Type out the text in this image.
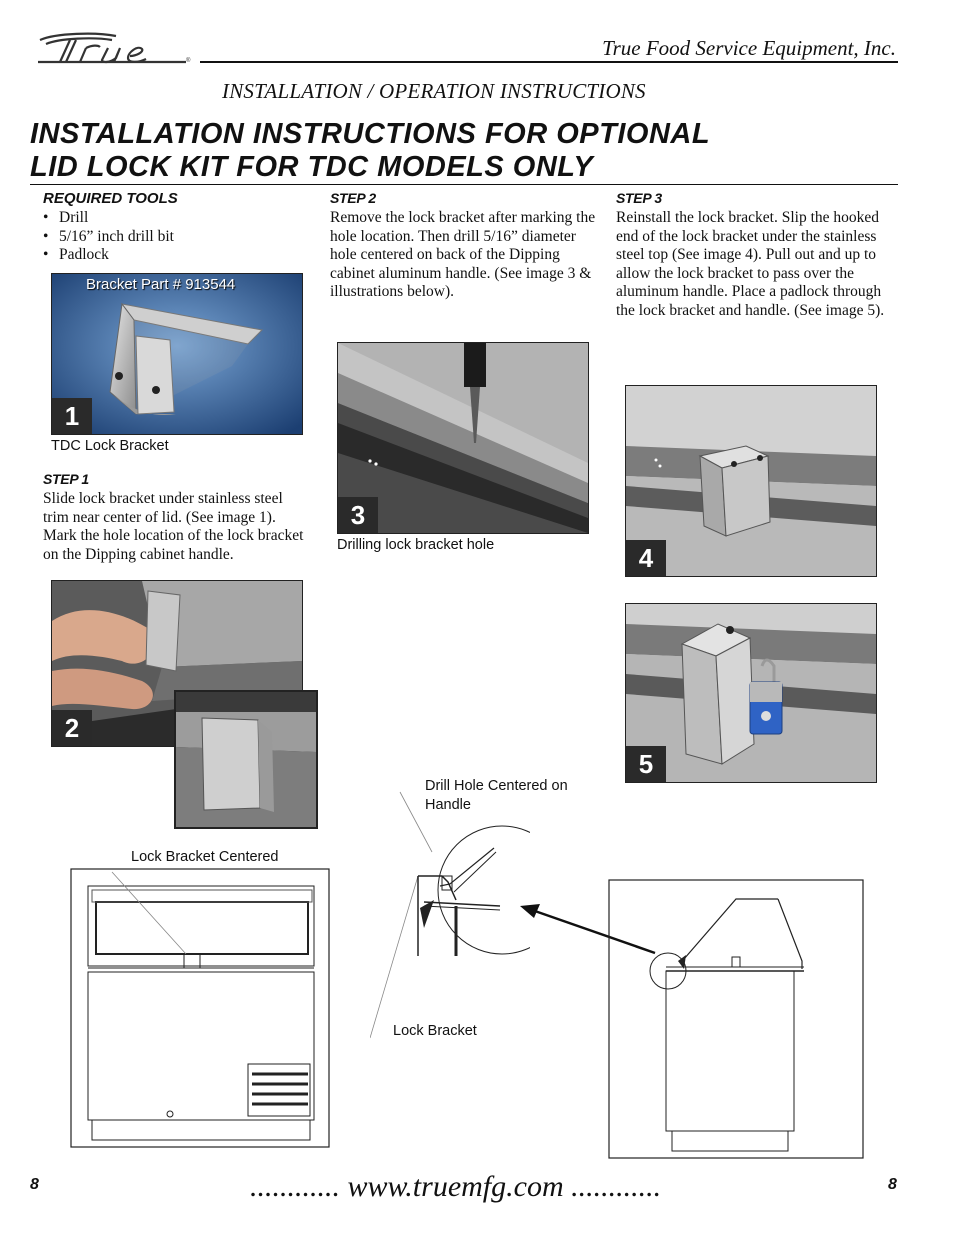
®
True Food Service Equipment, Inc.
INSTALLATION / OPERATION INSTRUCTIONS
INSTALLATION INSTRUCTIONS FOR OPTIONAL
LID LOCK KIT FOR TDC MODELS ONLY
REQUIRED TOOLS
• Drill
• 5/16” inch drill bit
• Padlock
Bracket Part # 913544
1
TDC Lock Bracket
STEP 1
Slide lock bracket under stainless steel trim near center of lid. (See image 1). Mark the hole location of the lock bracket on the Dipping cabinet handle.
2
STEP 2
Remove the lock bracket after marking the hole location. Then drill 5/16” diameter hole centered on back of the Dipping cabinet aluminum handle. (See image 3 & illustrations below).
3
Drilling lock bracket hole
STEP 3
Reinstall the lock bracket. Slip the hooked end of the lock bracket under the stainless steel top (See image 4). Pull out and up to allow the lock bracket to pass over the aluminum handle. Place a padlock through the lock bracket and handle. (See image 5).
4
5
Lock Bracket Centered
Drill Hole Centered on Handle
Lock Bracket
8	............ www.truemfg.com ............	8
